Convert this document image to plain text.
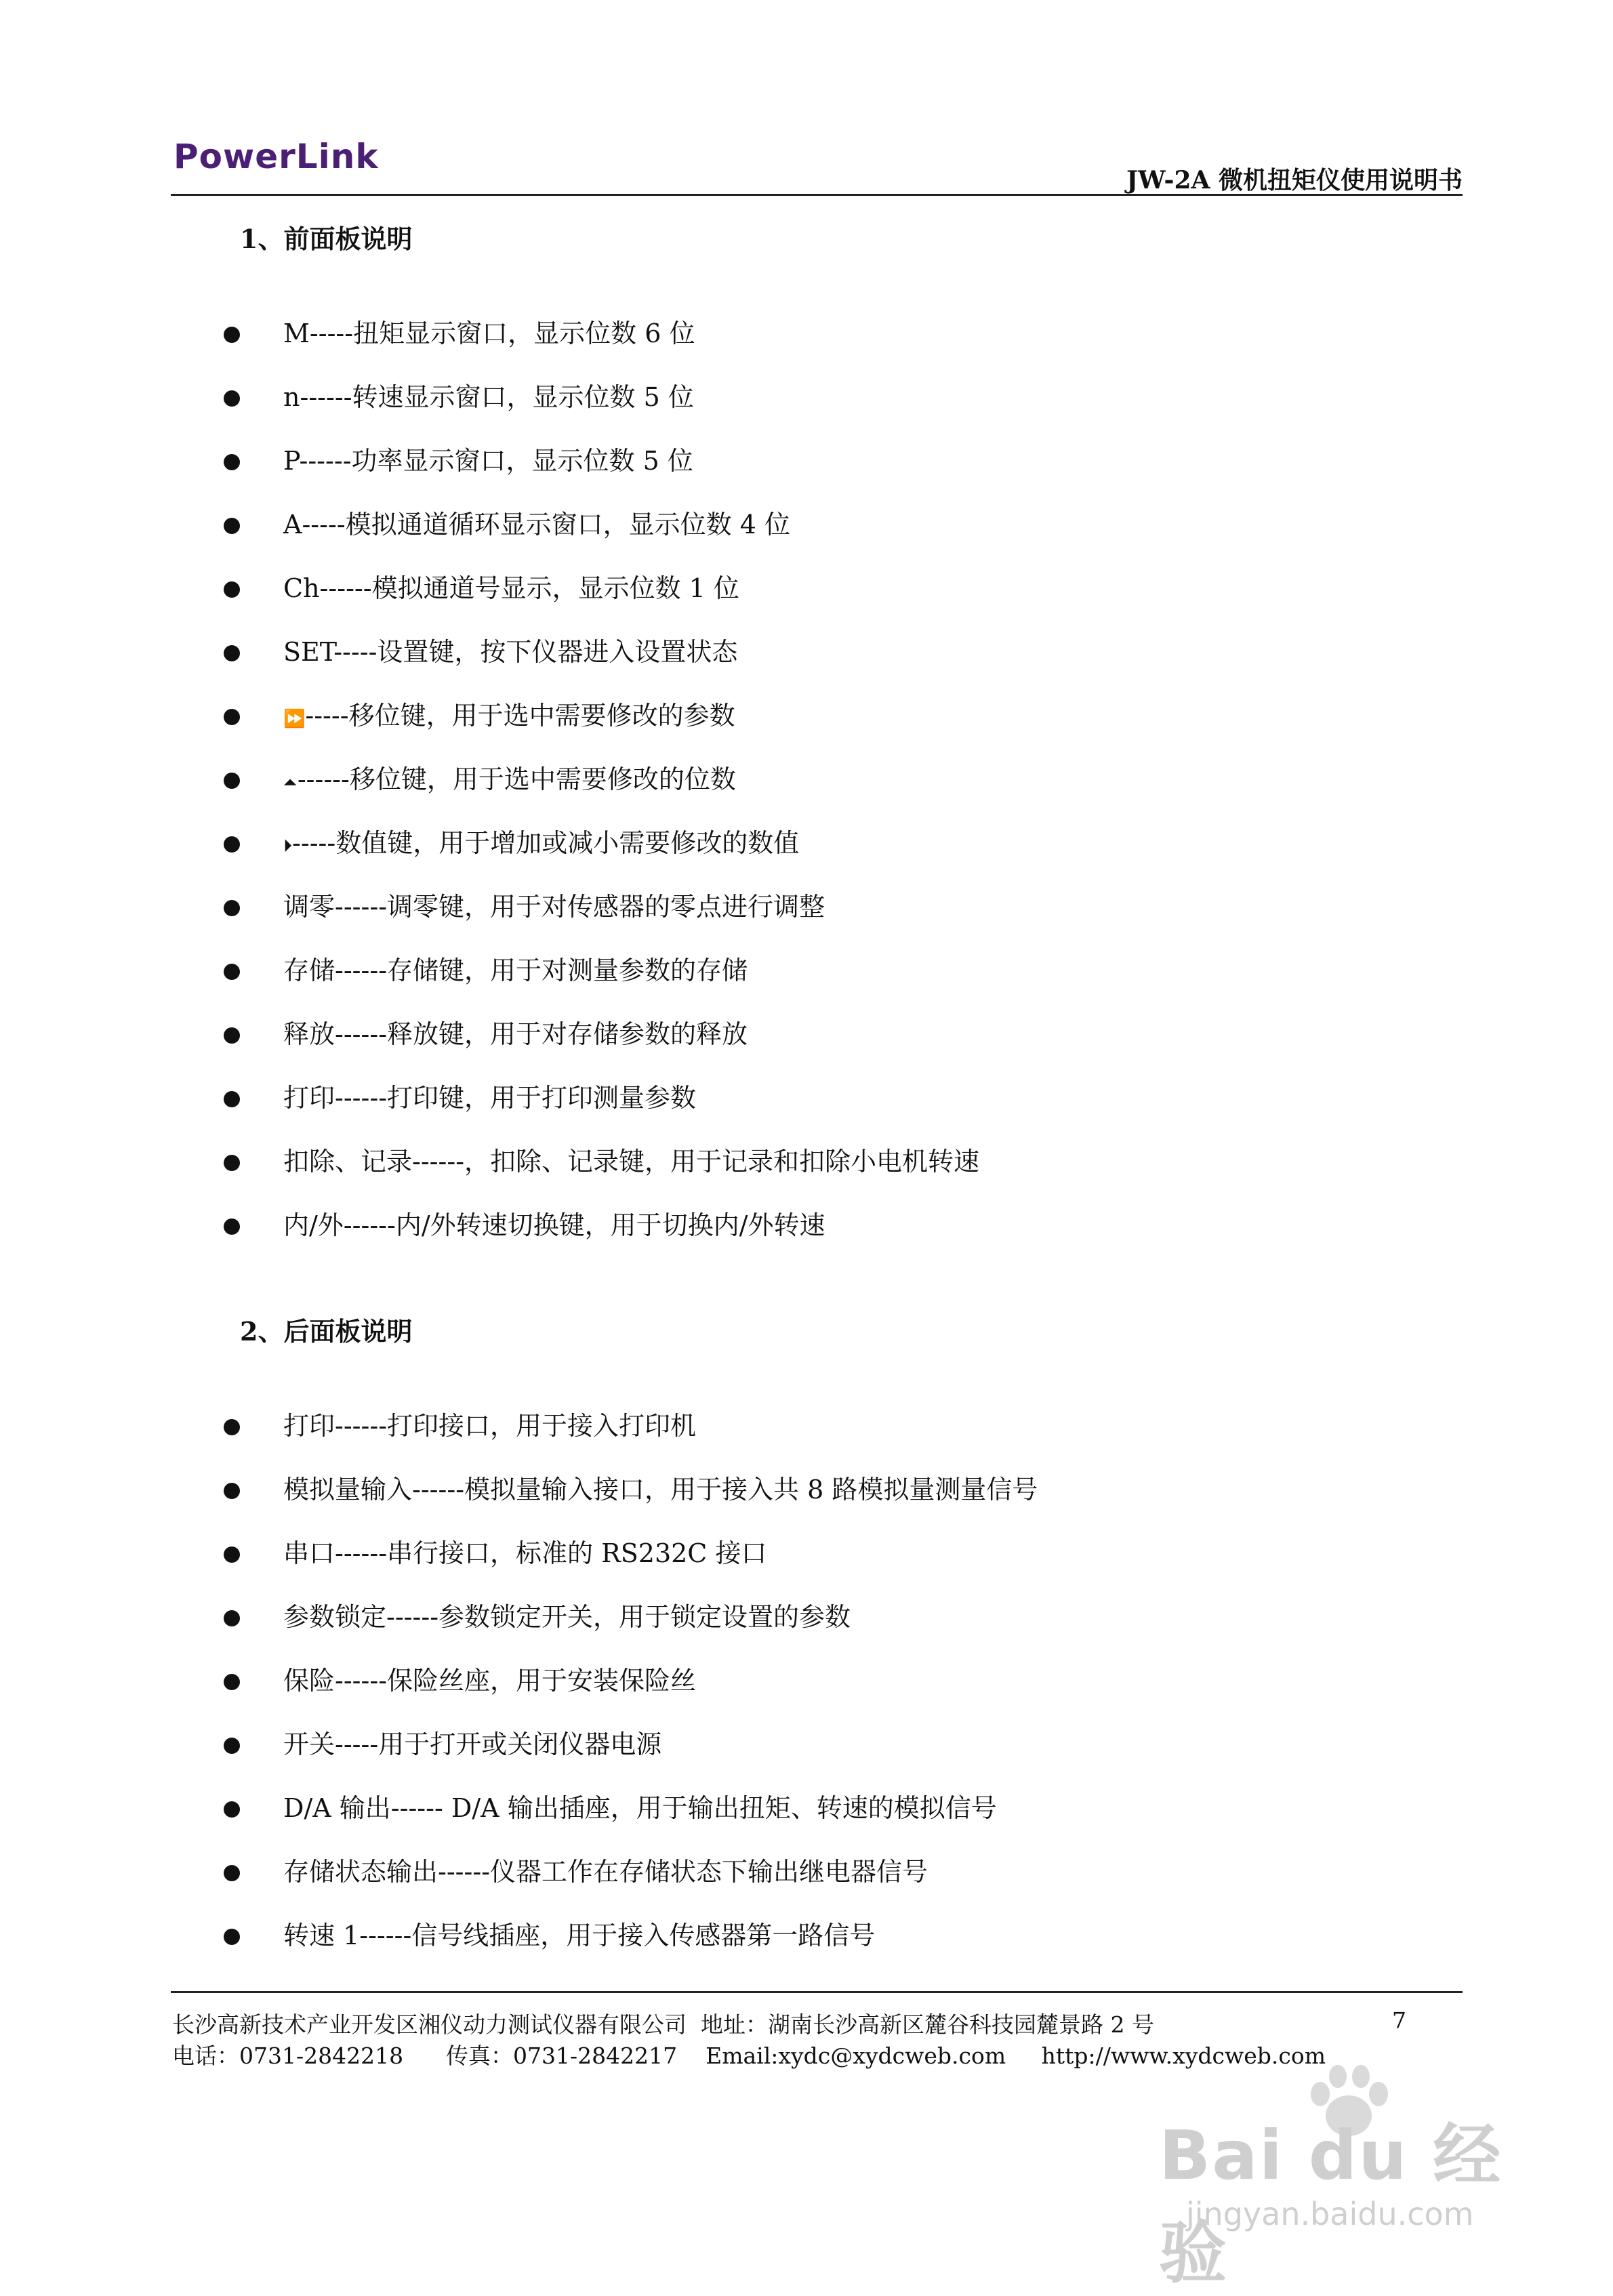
PowerLink
JW-2A 微机扭矩仪使用说明书
1、前面板说明
M-----扭矩显示窗口，显示位数 6 位
n------转速显示窗口，显示位数 5 位
P------功率显示窗口，显示位数 5 位
A-----模拟通道循环显示窗口，显示位数 4 位
Ch------模拟通道号显示，显示位数 1 位
SET-----设置键，按下仪器进入设置状态
⏩-----移位键，用于选中需要修改的参数
⏶------移位键，用于选中需要修改的位数
⏵-----数值键，用于增加或减小需要修改的数值
调零------调零键，用于对传感器的零点进行调整
存储------存储键，用于对测量参数的存储
释放------释放键，用于对存储参数的释放
打印------打印键，用于打印测量参数
扣除、记录------，扣除、记录键，用于记录和扣除小电机转速
内/外------内/外转速切换键，用于切换内/外转速
2、后面板说明
打印------打印接口，用于接入打印机
模拟量输入------模拟量输入接口，用于接入共 8 路模拟量测量信号
串口------串行接口，标准的 RS232C 接口
参数锁定------参数锁定开关，用于锁定设置的参数
保险------保险丝座，用于安装保险丝
开关-----用于打开或关闭仪器电源
D/A 输出------ D/A 输出插座，用于输出扭矩、转速的模拟信号
存储状态输出------仪器工作在存储状态下输出继电器信号
转速 1------信号线插座，用于接入传感器第一路信号
长沙高新技术产业开发区湘仪动力测试仪器有限公司  地址：湖南长沙高新区麓谷科技园麓景路 2 号
电话：0731-2842218      传真：0731-2842217    Email:xydc@xydcweb.com     http://www.xydcweb.com
7
Bai du 经验
jingyan.baidu.com
